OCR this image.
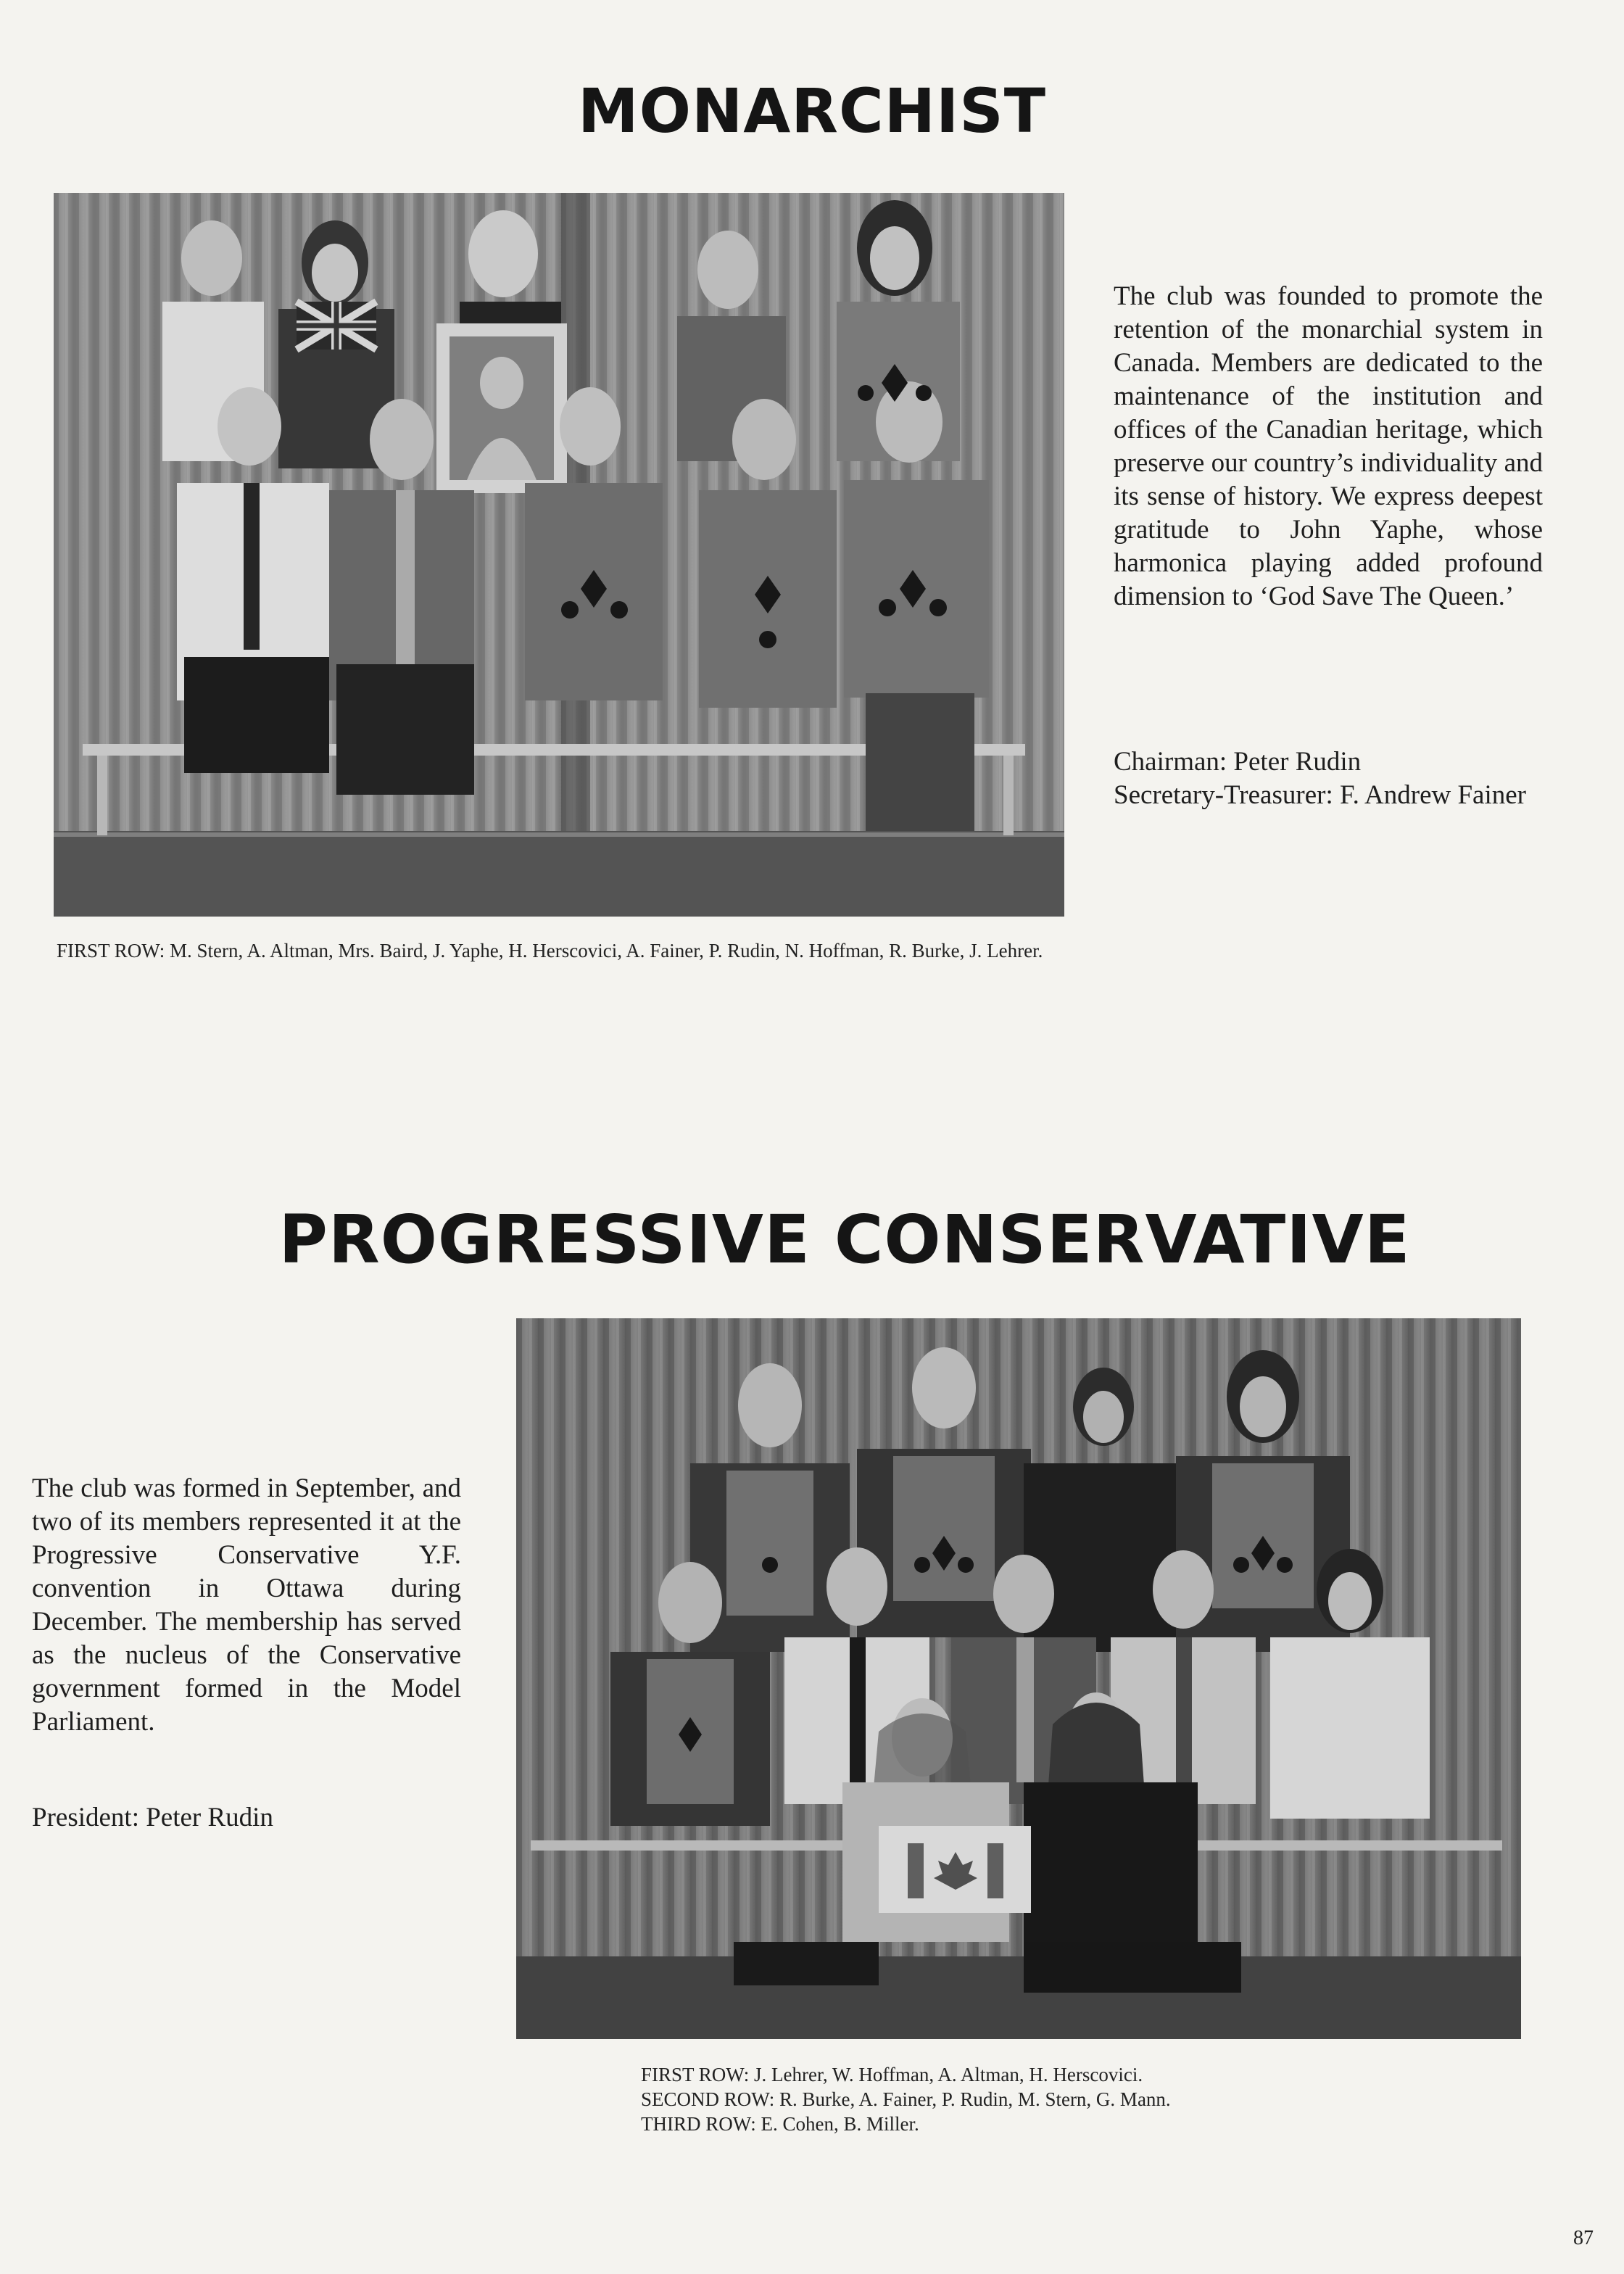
MONARCHIST

The club was founded to promote the retention of the monarchial system in Canada. Members are dedicated to the maintenance of the institution and offices of the Canadian heritage, which preserve our country’s individuality and its sense of history. We express deepest gratitude to John Yaphe, whose harmonica playing added profound dimension to ‘God Save The Queen.’

Chairman: Peter Rudin
Secretary-Treasurer: F. Andrew Fainer
FIRST ROW: M. Stern, A. Altman, Mrs. Baird, J. Yaphe, H. Herscovici, A. Fainer, P. Rudin, N. Hoffman, R. Burke, J. Lehrer.
PROGRESSIVE CONSERVATIVE

The club was formed in September, and two of its members represented it at the Progressive Conservative Y.F. convention in Ottawa during December. The membership has served as the nucleus of the Conservative government formed in the Model Parliament.

President: Peter Rudin
FIRST ROW: J. Lehrer, W. Hoffman, A. Altman, H. Herscovici.
SECOND ROW: R. Burke, A. Fainer, P. Rudin, M. Stern, G. Mann.
THIRD ROW: E. Cohen, B. Miller.
87
